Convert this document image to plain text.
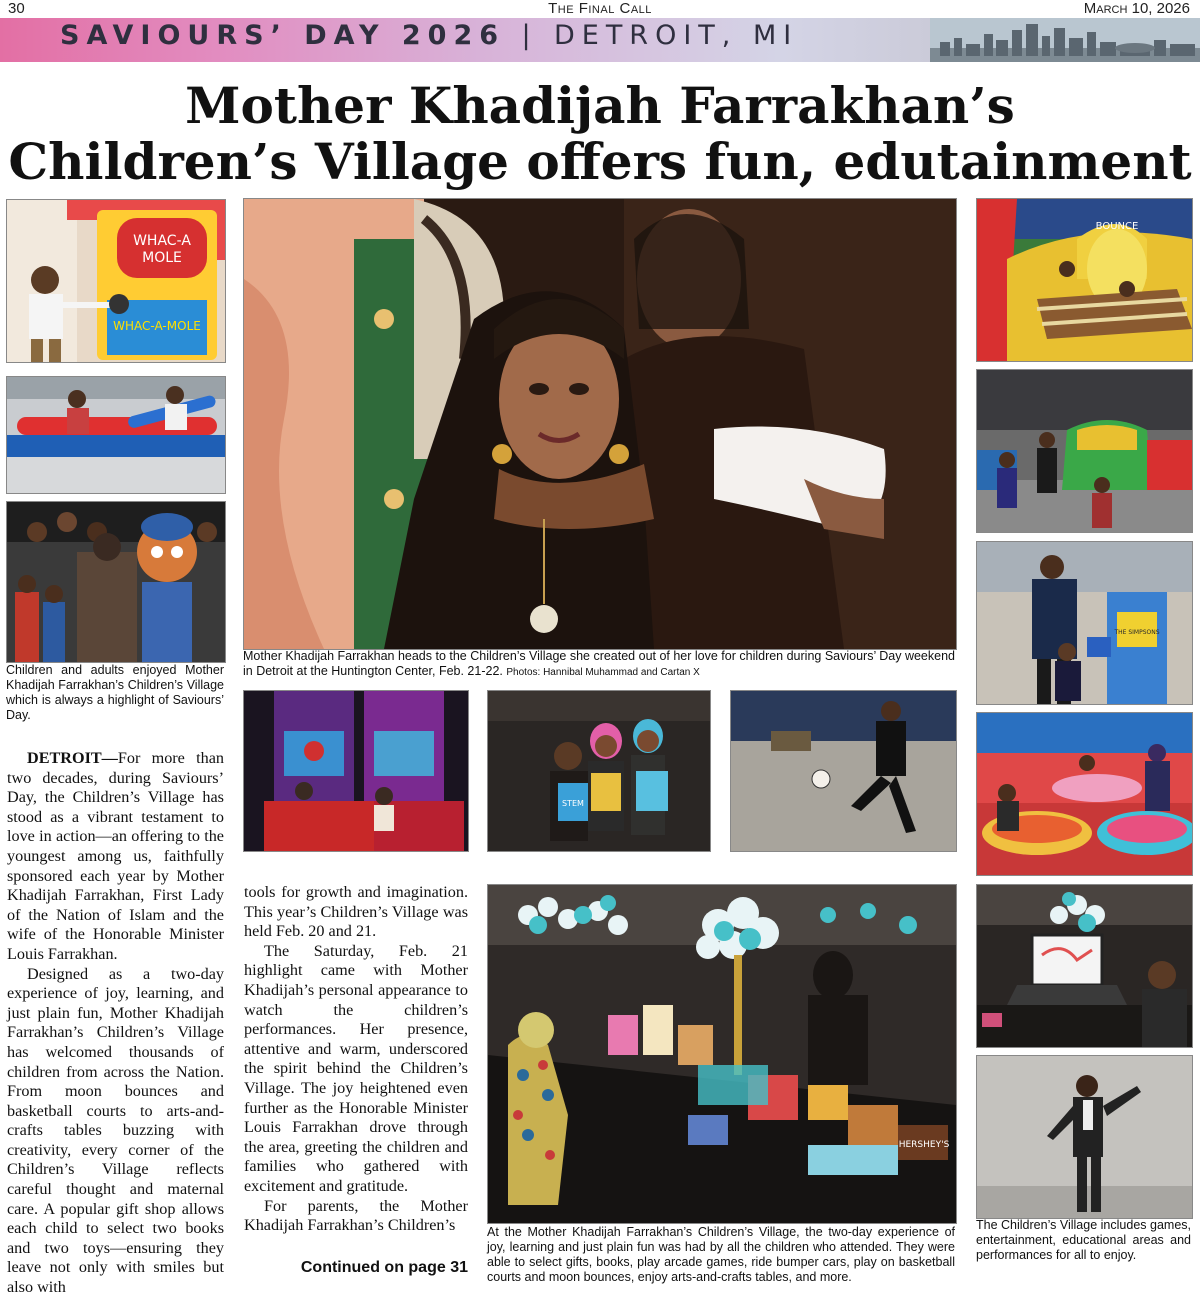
30	The Final Call	March 10, 2026
SAVIOURS’ DAY 2026 | DETROIT, MI
Mother Khadijah Farrakhan’s
Children’s Village offers fun, edutainment
WHAC-A
MOLE
WHAC-A-MOLE
Children and adults enjoyed Mother Khadijah Farrakhan’s Children’s Village which is always a highlight of Saviours’ Day.
Mother Khadijah Farrakhan heads to the Children’s Village she created out of her love for children during Saviours’ Day weekend in Detroit at the Huntington Center, Feb. 21-22. Photos: Hannibal Muhammad and Cartan X
STEM
HERSHEY'S
At the Mother Khadijah Farrakhan’s Children’s Village, the two-day experience of joy, learning and just plain fun was had by all the children who attended. They were able to select gifts, books, play arcade games, ride bumper cars, play on basketball courts and moon bounces, enjoy arts-and-crafts tables, and more.
BOUNCE
THE SIMPSONS
The Children’s Village includes games, entertainment, educational areas and performances for all to enjoy.

DETROIT—For more than two decades, during Saviours’ Day, the Children’s Village has stood as a vibrant testament to love in action—an offering to the youngest among us, faithfully sponsored each year by Mother Khadijah Farrakhan, First Lady of the Nation of Islam and the wife of the Honorable Minister Louis Farrakhan.

Designed as a two-day experience of joy, learning, and just plain fun, Mother Khadijah Farrakhan’s Children’s Village has welcomed thousands of children from across the Nation. From moon bounces and basketball courts to arts-and-crafts tables buzzing with creativity, every corner of the Children’s Village reflects careful thought and maternal care. A popular gift shop allows each child to select two books and two toys—ensuring they leave not only with smiles but also with

tools for growth and imagination. This year’s Children’s Village was held Feb. 20 and 21.

The Saturday, Feb. 21 highlight came with Mother Khadijah’s personal appearance to watch the children’s performances. Her presence, attentive and warm, underscored the spirit behind the Children’s Village. The joy heightened even further as the Honorable Minister Louis Farrakhan drove through the area, greeting the children and families who gathered with excitement and gratitude.

For parents, the Mother Khadijah Farrakhan’s Children’s

Continued on page 31
